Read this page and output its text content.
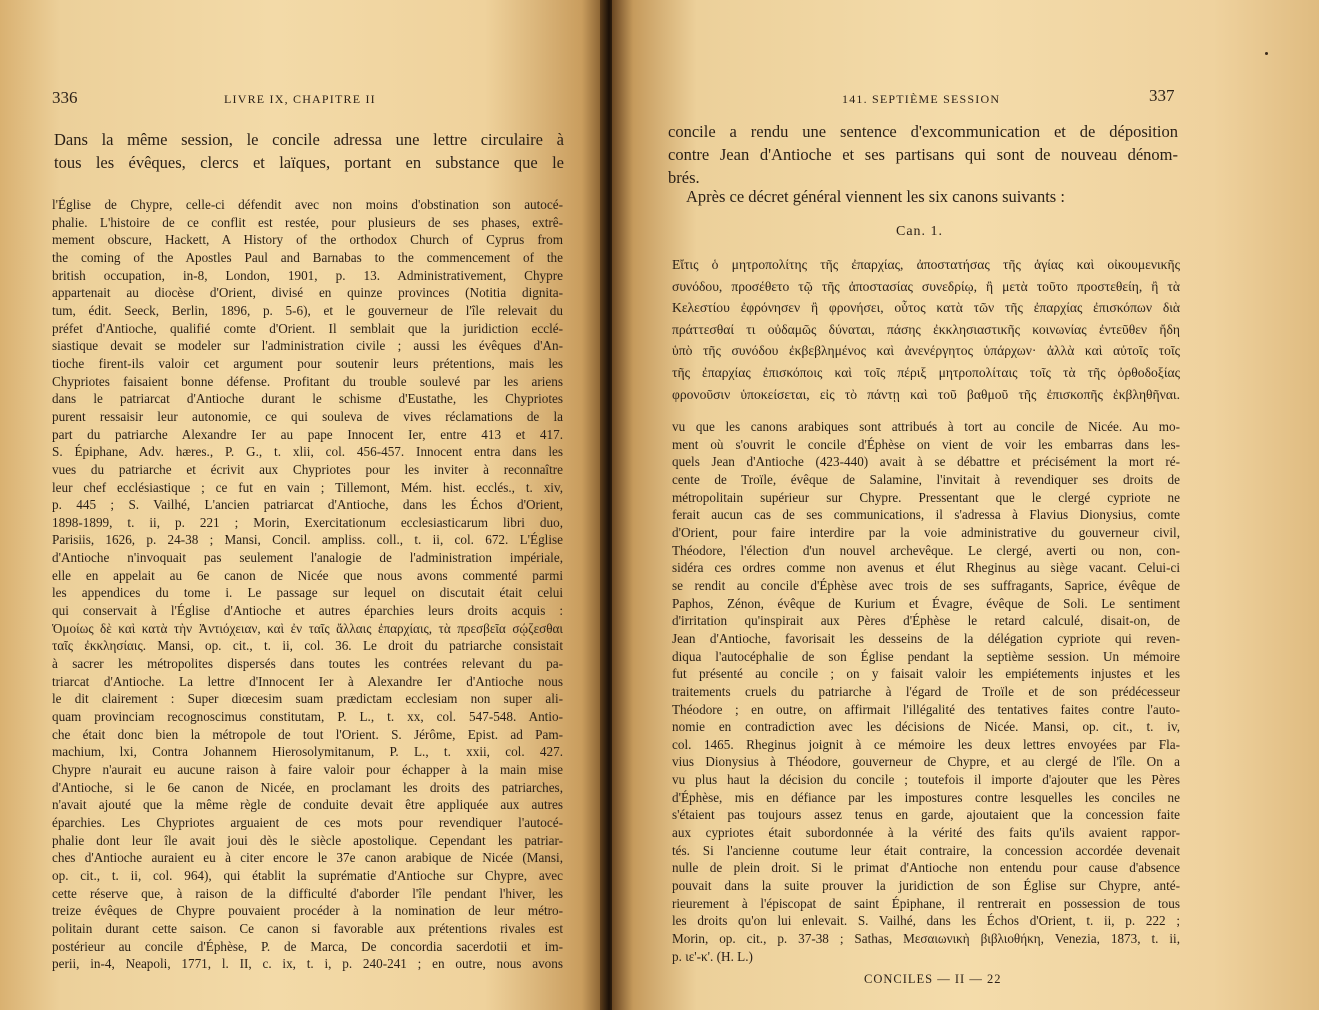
336	LIVRE IX, CHAPITRE II

Dans la même session, le concile adressa une lettre circulaire à

tous les évêques, clercs et laïques, portant en substance que le

l'Église de Chypre, celle-ci défendit avec non moins d'obstination son autocé-
phalie. L'histoire de ce conflit est restée, pour plusieurs de ses phases, extrê-
mement obscure, Hackett, A History of the orthodox Church of Cyprus from
the coming of the Apostles Paul and Barnabas to the commencement of the
british occupation, in-8, London, 1901, p. 13. Administrativement, Chypre
appartenait au diocèse d'Orient, divisé en quinze provinces (Notitia dignita-
tum, édit. Seeck, Berlin, 1896, p. 5-6), et le gouverneur de l'île relevait du
préfet d'Antioche, qualifié comte d'Orient. Il semblait que la juridiction ecclé-
siastique devait se modeler sur l'administration civile ; aussi les évêques d'An-
tioche firent-ils valoir cet argument pour soutenir leurs prétentions, mais les
Chypriotes faisaient bonne défense. Profitant du trouble soulevé par les ariens
dans le patriarcat d'Antioche durant le schisme d'Eustathe, les Chypriotes
purent ressaisir leur autonomie, ce qui souleva de vives réclamations de la
part du patriarche Alexandre Ier au pape Innocent Ier, entre 413 et 417.
S. Épiphane, Adv. hæres., P. G., t. xlii, col. 456-457. Innocent entra dans les
vues du patriarche et écrivit aux Chypriotes pour les inviter à reconnaître
leur chef ecclésiastique ; ce fut en vain ; Tillemont, Mém. hist. ecclés., t. xiv,
p. 445 ; S. Vailhé, L'ancien patriarcat d'Antioche, dans les Échos d'Orient,
1898-1899, t. ii, p. 221 ; Morin, Exercitationum ecclesiasticarum libri duo,
Parisiis, 1626, p. 24-38 ; Mansi, Concil. ampliss. coll., t. ii, col. 672. L'Église
d'Antioche n'invoquait pas seulement l'analogie de l'administration impériale,
elle en appelait au 6e canon de Nicée que nous avons commenté parmi
les appendices du tome i. Le passage sur lequel on discutait était celui
qui conservait à l'Église d'Antioche et autres éparchies leurs droits acquis :
Ὁμοίως δὲ καὶ κατὰ τὴν Ἀντιόχειαν, καὶ ἐν ταῖς ἄλλαις ἐπαρχίαις, τὰ πρεσβεῖα σῴζεσθαι
ταῖς ἐκκλησίαις. Mansi, op. cit., t. ii, col. 36. Le droit du patriarche consistait
à sacrer les métropolites dispersés dans toutes les contrées relevant du pa-
triarcat d'Antioche. La lettre d'Innocent Ier à Alexandre Ier d'Antioche nous
le dit clairement : Super diœcesim suam prædictam ecclesiam non super ali-
quam provinciam recognoscimus constitutam, P. L., t. xx, col. 547-548. Antio-
che était donc bien la métropole de tout l'Orient. S. Jérôme, Epist. ad Pam-
machium, lxi, Contra Johannem Hierosolymitanum, P. L., t. xxii, col. 427.
Chypre n'aurait eu aucune raison à faire valoir pour échapper à la main mise
d'Antioche, si le 6e canon de Nicée, en proclamant les droits des patriarches,
n'avait ajouté que la même règle de conduite devait être appliquée aux autres
éparchies. Les Chypriotes arguaient de ces mots pour revendiquer l'autocé-
phalie dont leur île avait joui dès le siècle apostolique. Cependant les patriar-
ches d'Antioche auraient eu à citer encore le 37e canon arabique de Nicée (Mansi,
op. cit., t. ii, col. 964), qui établit la suprématie d'Antioche sur Chypre, avec
cette réserve que, à raison de la difficulté d'aborder l'île pendant l'hiver, les
treize évêques de Chypre pouvaient procéder à la nomination de leur métro-
politain durant cette saison. Ce canon si favorable aux prétentions rivales est
postérieur au concile d'Éphèse, P. de Marca, De concordia sacerdotii et im-
perii, in-4, Neapoli, 1771, l. II, c. ix, t. i, p. 240-241 ; en outre, nous avons
141. SEPTIÈME SESSION	337

concile a rendu une sentence d'excommunication et de déposition

contre Jean d'Antioche et ses partisans qui sont de nouveau dénom-

brés.

Après ce décret général viennent les six canons suivants :
Can. 1.
Εἴτις ὁ μητροπολίτης τῆς ἐπαρχίας, ἀποστατήσας τῆς ἁγίας καὶ οἰκουμενικῆς
συνόδου, προσέθετο τῷ τῆς ἀποστασίας συνεδρίῳ, ἢ μετὰ τοῦτο προστεθείη, ἢ τὰ
Κελεστίου ἐφρόνησεν ἢ φρονήσει, οὗτος κατὰ τῶν τῆς ἐπαρχίας ἐπισκόπων διὰ
πράττεσθαί τι οὐδαμῶς δύναται, πάσης ἐκκλησιαστικῆς κοινωνίας ἐντεῦθεν ἤδη
ὑπὸ τῆς συνόδου ἐκβεβλημένος καὶ ἀνενέργητος ὑπάρχων· ἀλλὰ καὶ αὐτοῖς τοῖς
τῆς ἐπαρχίας ἐπισκόποις καὶ τοῖς πέριξ μητροπολίταις τοῖς τὰ τῆς ὀρθοδοξίας
φρονοῦσιν ὑποκείσεται, εἰς τὸ πάντῃ καὶ τοῦ βαθμοῦ τῆς ἐπισκοπῆς ἐκβληθῆναι.
vu que les canons arabiques sont attribués à tort au concile de Nicée. Au mo-
ment où s'ouvrit le concile d'Éphèse on vient de voir les embarras dans les-
quels Jean d'Antioche (423-440) avait à se débattre et précisément la mort ré-
cente de Troïle, évêque de Salamine, l'invitait à revendiquer ses droits de
métropolitain supérieur sur Chypre. Pressentant que le clergé cypriote ne
ferait aucun cas de ses communications, il s'adressa à Flavius Dionysius, comte
d'Orient, pour faire interdire par la voie administrative du gouverneur civil,
Théodore, l'élection d'un nouvel archevêque. Le clergé, averti ou non, con-
sidéra ces ordres comme non avenus et élut Rheginus au siège vacant. Celui-ci
se rendit au concile d'Éphèse avec trois de ses suffragants, Saprice, évêque de
Paphos, Zénon, évêque de Kurium et Évagre, évêque de Soli. Le sentiment
d'irritation qu'inspirait aux Pères d'Éphèse le retard calculé, disait-on, de
Jean d'Antioche, favorisait les desseins de la délégation cypriote qui reven-
diqua l'autocéphalie de son Église pendant la septième session. Un mémoire
fut présenté au concile ; on y faisait valoir les empiétements injustes et les
traitements cruels du patriarche à l'égard de Troïle et de son prédécesseur
Théodore ; en outre, on affirmait l'illégalité des tentatives faites contre l'auto-
nomie en contradiction avec les décisions de Nicée. Mansi, op. cit., t. iv,
col. 1465. Rheginus joignit à ce mémoire les deux lettres envoyées par Fla-
vius Dionysius à Théodore, gouverneur de Chypre, et au clergé de l'île. On a
vu plus haut la décision du concile ; toutefois il importe d'ajouter que les Pères
d'Éphèse, mis en défiance par les impostures contre lesquelles les conciles ne
s'étaient pas toujours assez tenus en garde, ajoutaient que la concession faite
aux cypriotes était subordonnée à la vérité des faits qu'ils avaient rappor-
tés. Si l'ancienne coutume leur était contraire, la concession accordée devenait
nulle de plein droit. Si le primat d'Antioche non entendu pour cause d'absence
pouvait dans la suite prouver la juridiction de son Église sur Chypre, anté-
rieurement à l'épiscopat de saint Épiphane, il rentrerait en possession de tous
les droits qu'on lui enlevait. S. Vailhé, dans les Échos d'Orient, t. ii, p. 222 ;
Morin, op. cit., p. 37-38 ; Sathas, Μεσαιωνικὴ βιβλιοθήκη, Venezia, 1873, t. ii,
p. ιε'-κ'. (H. L.)
CONCILES — II — 22
